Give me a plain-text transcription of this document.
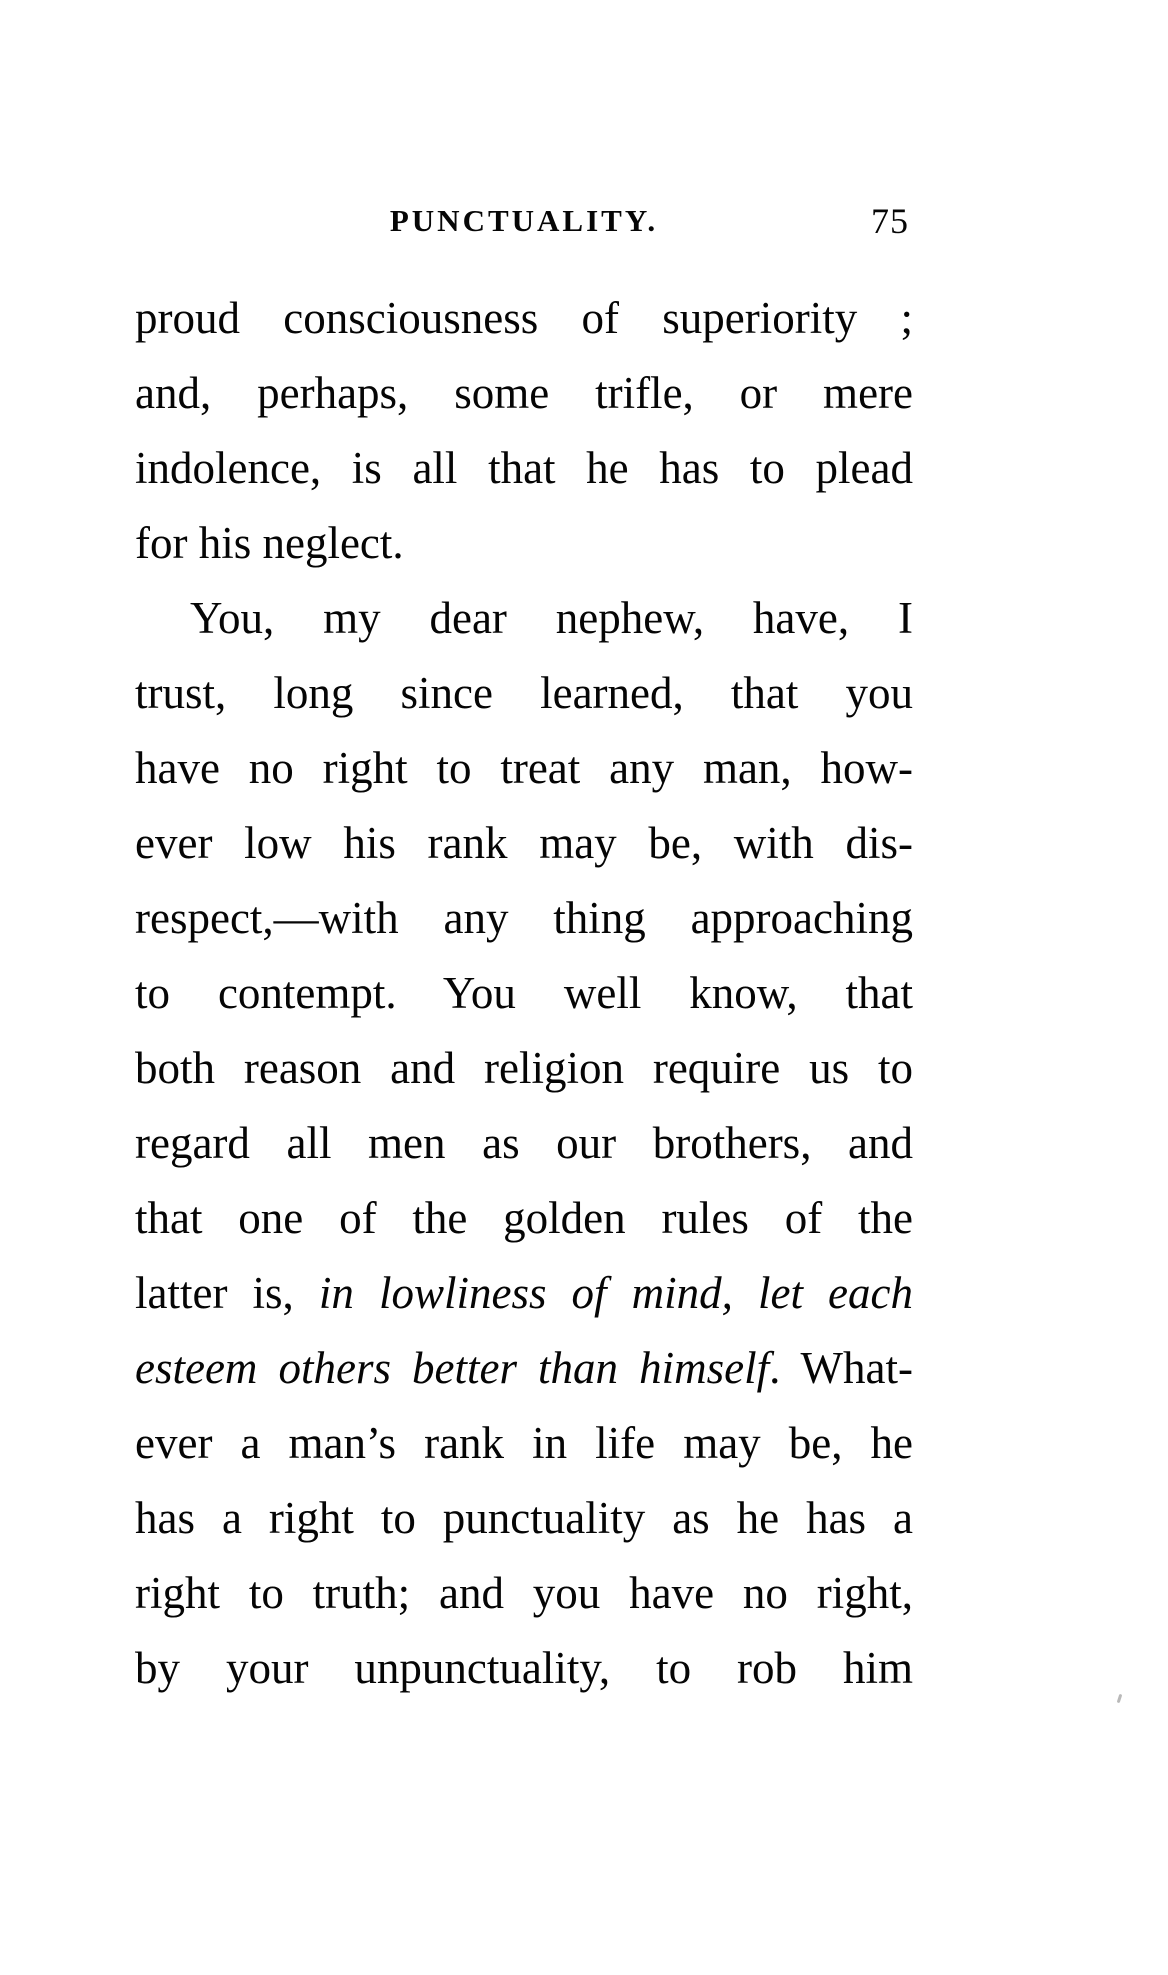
PUNCTUALITY.	75
proud consciousness of superiority ;
and, perhaps, some trifle, or mere
indolence, is all that he has to plead
for his neglect.
You, my dear nephew, have, I
trust, long since learned, that you
have no right to treat any man, how-
ever low his rank may be, with dis-
respect,—with any thing approaching
to contempt. You well know, that
both reason and religion require us to
regard all men as our brothers, and
that one of the golden rules of the
latter is, in lowliness of mind, let each
esteem others better than himself. What-
ever a man’s rank in life may be, he
has a right to punctuality as he has a
right to truth; and you have no right,
by your unpunctuality, to rob him
